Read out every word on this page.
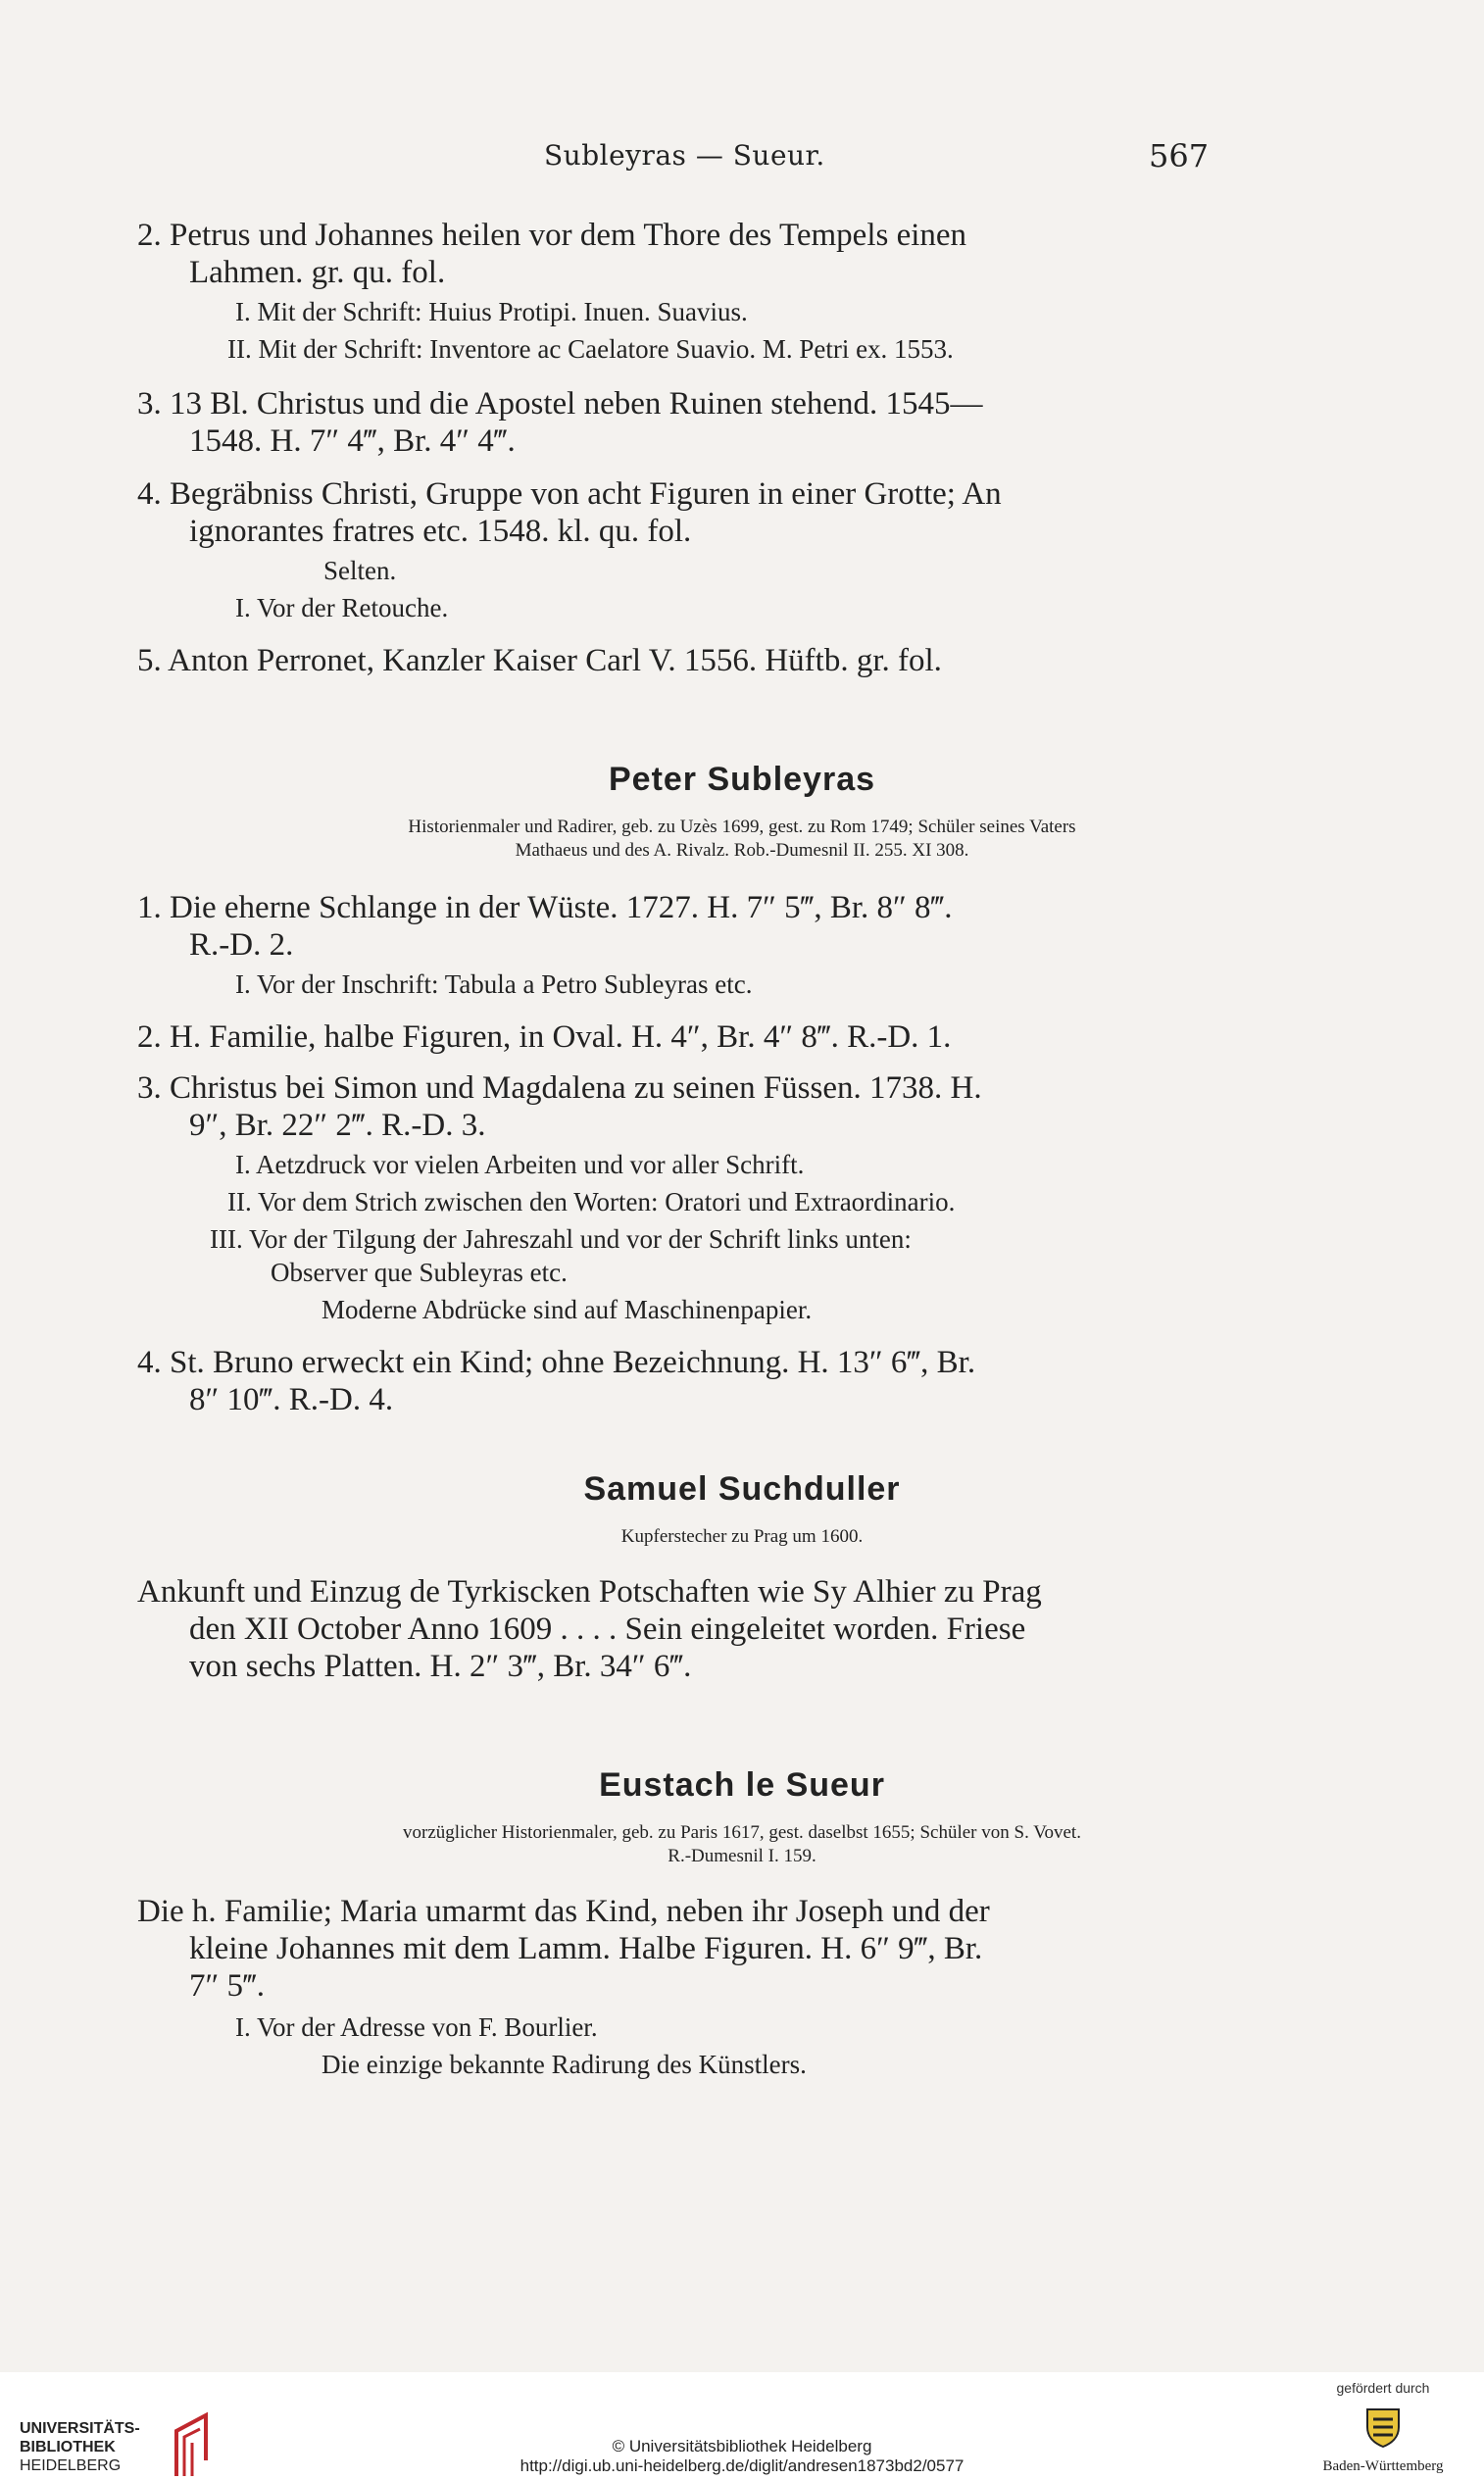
Subleyras — Sueur.	567
2. Petrus und Johannes heilen vor dem Thore des Tempels einen
Lahmen. gr. qu. fol.
I. Mit der Schrift: Huius Protipi. Inuen. Suavius.
II. Mit der Schrift: Inventore ac Caelatore Suavio. M. Petri ex. 1553.
3. 13 Bl. Christus und die Apostel neben Ruinen stehend. 1545—
1548. H. 7″ 4‴, Br. 4″ 4‴.
4. Begräbniss Christi, Gruppe von acht Figuren in einer Grotte; An
ignorantes fratres etc. 1548. kl. qu. fol.
Selten.
I. Vor der Retouche.
5. Anton Perronet, Kanzler Kaiser Carl V. 1556. Hüftb. gr. fol.
Peter Subleyras
Historienmaler und Radirer, geb. zu Uzès 1699, gest. zu Rom 1749; Schüler seines Vaters
Mathaeus und des A. Rivalz. Rob.-Dumesnil II. 255. XI 308.
1. Die eherne Schlange in der Wüste. 1727. H. 7″ 5‴, Br. 8″ 8‴.
R.-D. 2.
I. Vor der Inschrift: Tabula a Petro Subleyras etc.
2. H. Familie, halbe Figuren, in Oval. H. 4″, Br. 4″ 8‴. R.-D. 1.
3. Christus bei Simon und Magdalena zu seinen Füssen. 1738. H.
9″, Br. 22″ 2‴. R.-D. 3.
I. Aetzdruck vor vielen Arbeiten und vor aller Schrift.
II. Vor dem Strich zwischen den Worten: Oratori und Extraordinario.
III. Vor der Tilgung der Jahreszahl und vor der Schrift links unten:
Observer que Subleyras etc.
Moderne Abdrücke sind auf Maschinenpapier.
4. St. Bruno erweckt ein Kind; ohne Bezeichnung. H. 13″ 6‴, Br.
8″ 10‴. R.-D. 4.
Samuel Suchduller
Kupferstecher zu Prag um 1600.
Ankunft und Einzug de Tyrkiscken Potschaften wie Sy Alhier zu Prag
den XII October Anno 1609 . . . . Sein eingeleitet worden. Friese
von sechs Platten. H. 2″ 3‴, Br. 34″ 6‴.
Eustach le Sueur
vorzüglicher Historienmaler, geb. zu Paris 1617, gest. daselbst 1655; Schüler von S. Vovet.
R.-Dumesnil I. 159.
Die h. Familie; Maria umarmt das Kind, neben ihr Joseph und der
kleine Johannes mit dem Lamm. Halbe Figuren. H. 6″ 9‴, Br.
7″ 5‴.
I. Vor der Adresse von F. Bourlier.
Die einzige bekannte Radirung des Künstlers.
UNIVERSITÄTS-
BIBLIOTHEK
HEIDELBERG
© Universitätsbibliothek Heidelberg
http://digi.ub.uni-heidelberg.de/diglit/andresen1873bd2/0577
gefördert durch
Baden-Württemberg
